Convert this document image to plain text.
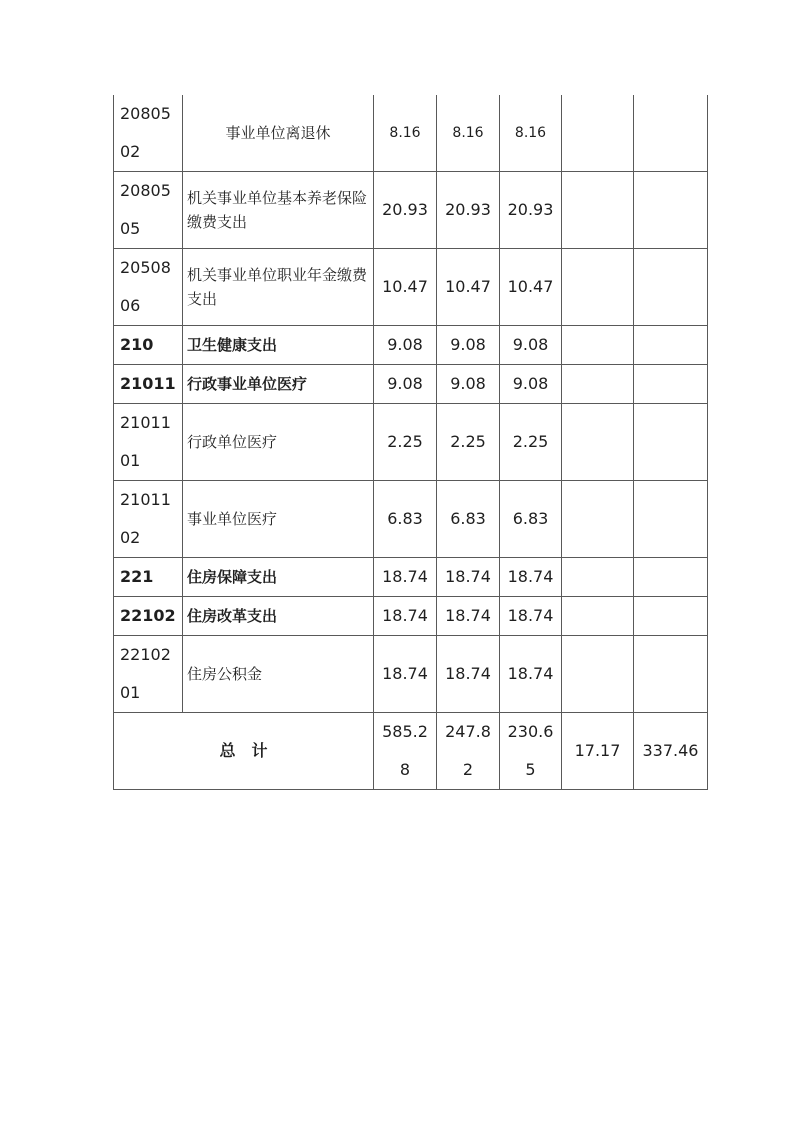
20805 02	事业单位离退休	8.16	8.16	8.16		
20805 05	机关事业单位基本养老保险缴费支出	20.93	20.93	20.93		
20508 06	机关事业单位职业年金缴费支出	10.47	10.47	10.47		
210	卫生健康支出	9.08	9.08	9.08		
21011	行政事业单位医疗	9.08	9.08	9.08		
21011 01	行政单位医疗	2.25	2.25	2.25		
21011 02	事业单位医疗	6.83	6.83	6.83		
221	住房保障支出	18.74	18.74	18.74		
22102	住房改革支出	18.74	18.74	18.74		
22102 01	住房公积金	18.74	18.74	18.74		
总　计		585.28	247.82	230.65	17.17	337.46
